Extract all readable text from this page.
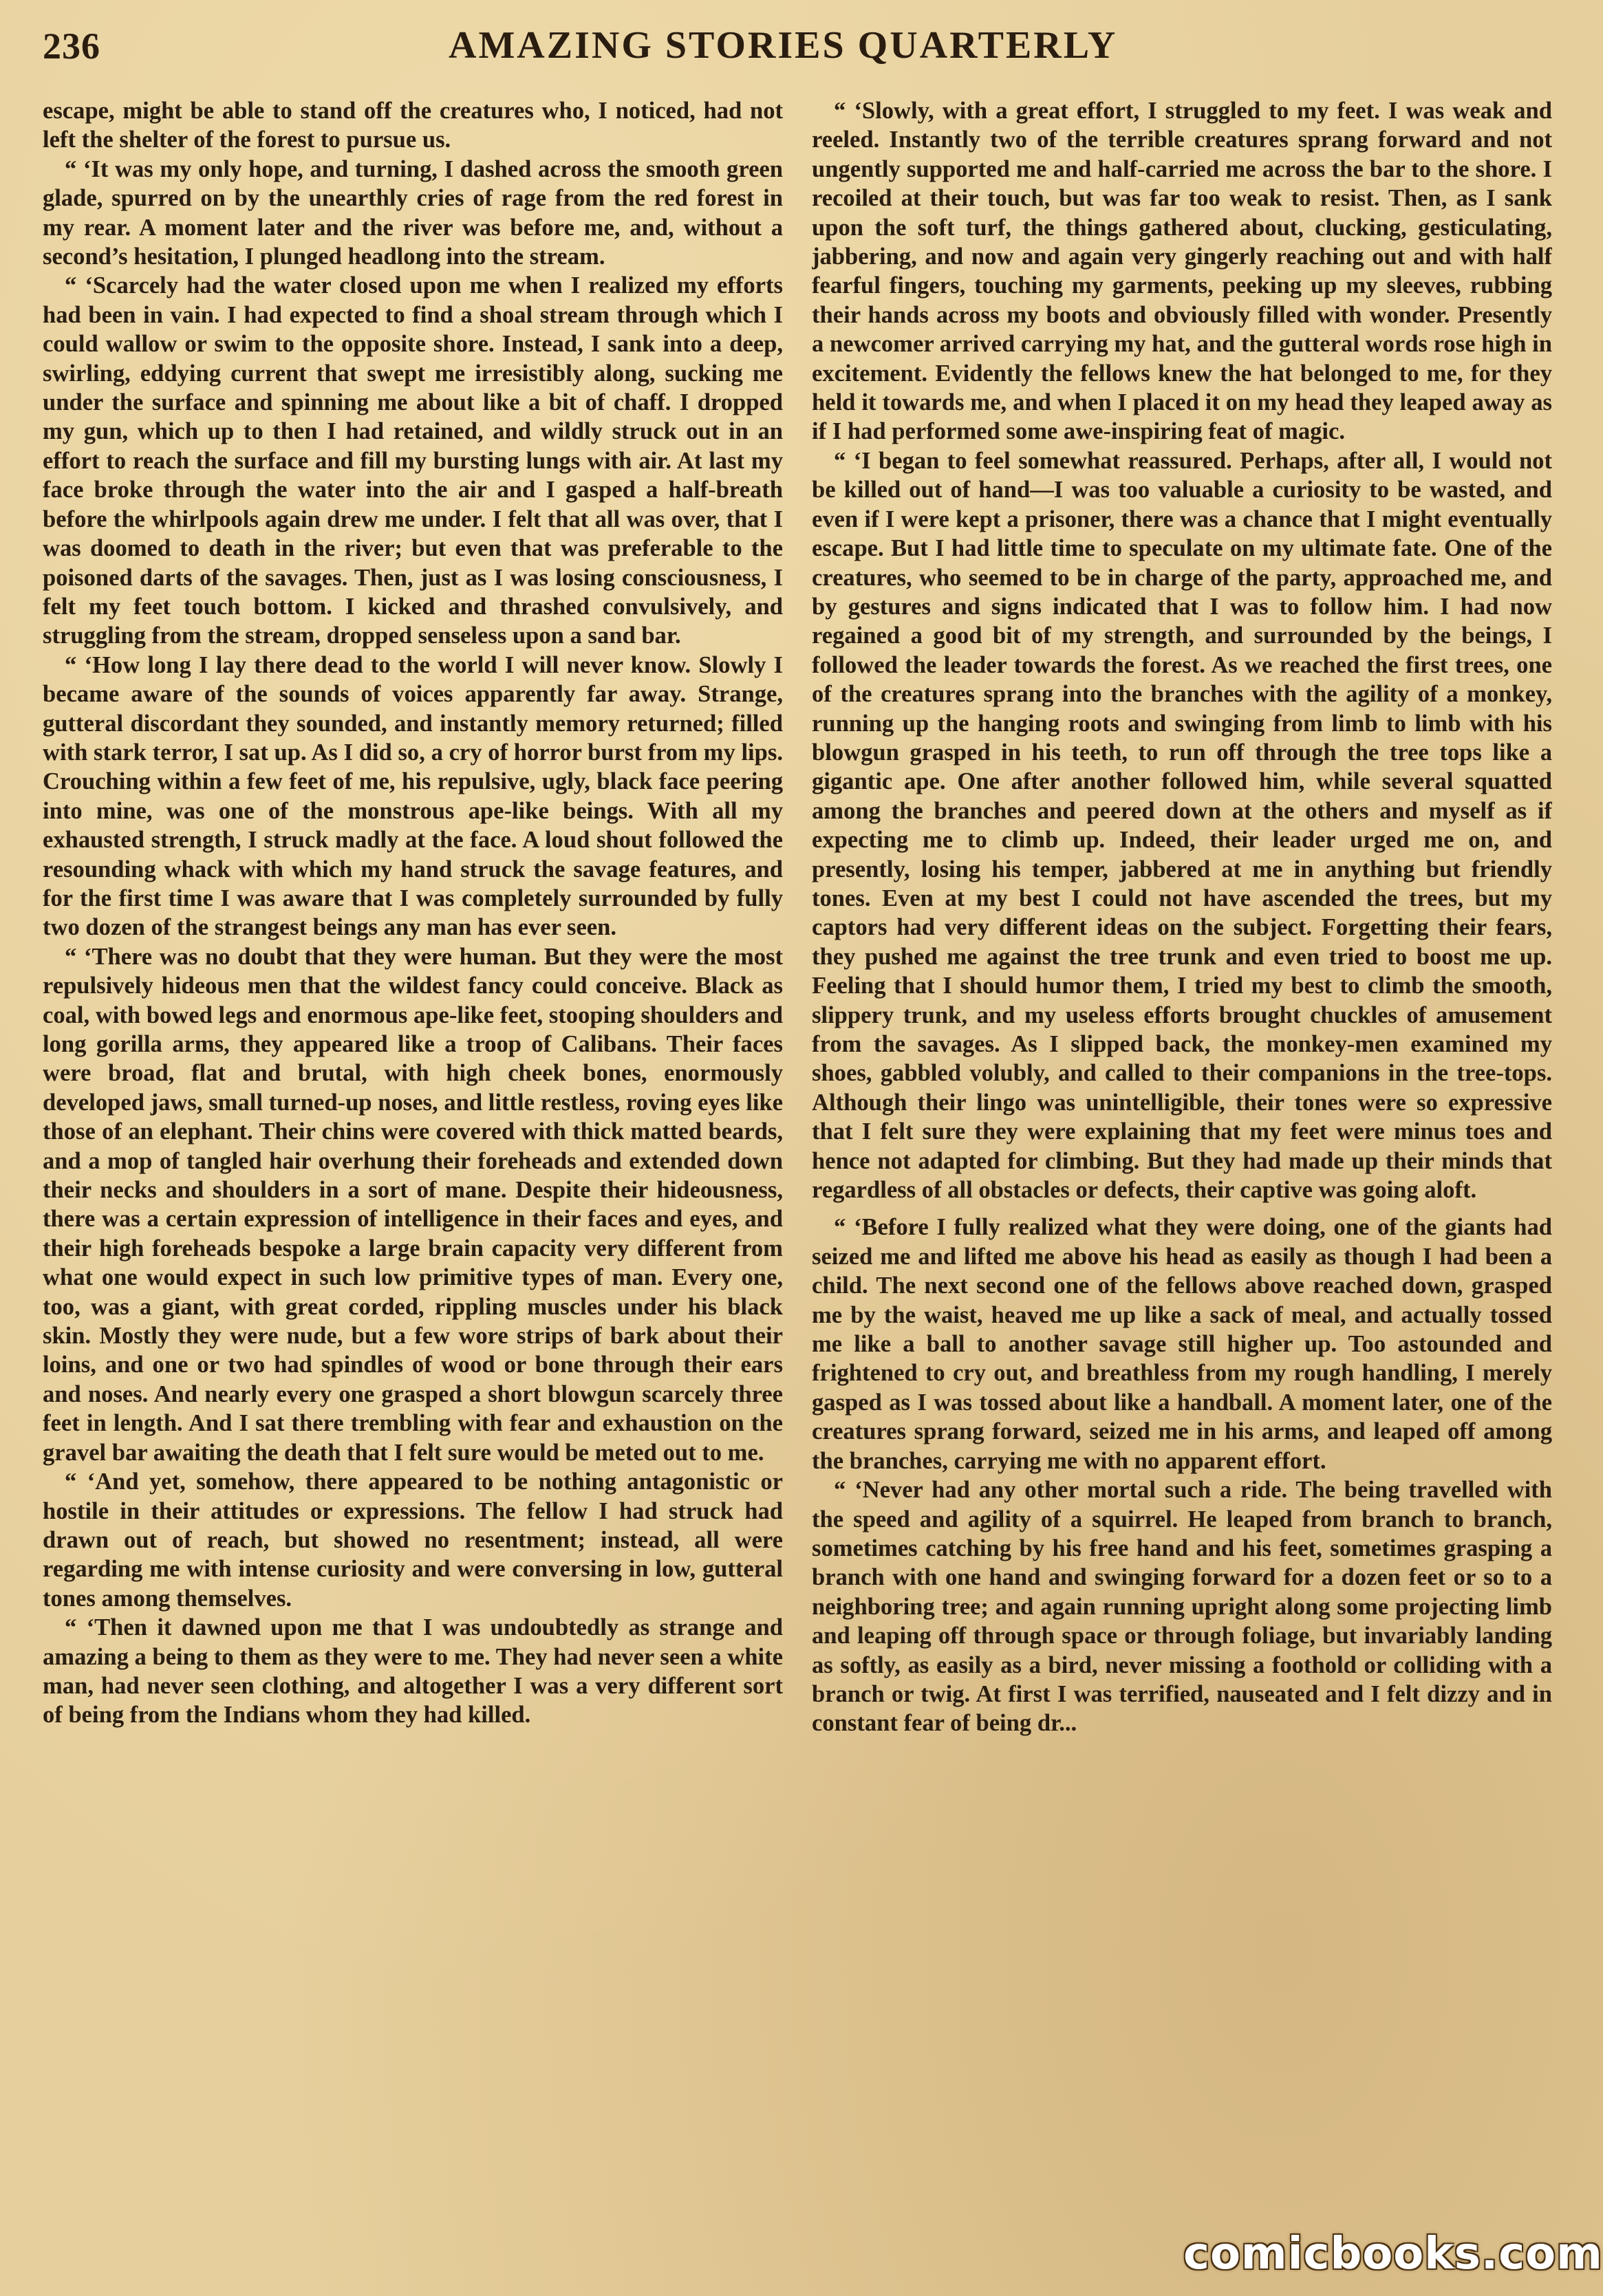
236	AMAZING STORIES QUARTERLY

escape, might be able to stand off the creatures who, I noticed, had not left the shelter of the forest to pursue us.

“ ‘It was my only hope, and turning, I dashed across the smooth green glade, spurred on by the unearthly cries of rage from the red forest in my rear. A moment later and the river was before me, and, without a second’s hesitation, I plunged headlong into the stream.

“ ‘Scarcely had the water closed upon me when I realized my efforts had been in vain. I had expected to find a shoal stream through which I could wallow or swim to the opposite shore. Instead, I sank into a deep, swirling, eddying current that swept me irresistibly along, sucking me under the surface and spinning me about like a bit of chaff. I dropped my gun, which up to then I had retained, and wildly struck out in an effort to reach the surface and fill my bursting lungs with air. At last my face broke through the water into the air and I gasped a half-breath before the whirlpools again drew me under. I felt that all was over, that I was doomed to death in the river; but even that was preferable to the poisoned darts of the savages. Then, just as I was losing consciousness, I felt my feet touch bottom. I kicked and thrashed convulsively, and struggling from the stream, dropped senseless upon a sand bar.

“ ‘How long I lay there dead to the world I will never know. Slowly I became aware of the sounds of voices apparently far away. Strange, gutteral discordant they sounded, and instantly memory returned; filled with stark terror, I sat up. As I did so, a cry of horror burst from my lips. Crouching within a few feet of me, his repulsive, ugly, black face peering into mine, was one of the monstrous ape-like beings. With all my exhausted strength, I struck madly at the face. A loud shout followed the resounding whack with which my hand struck the savage features, and for the first time I was aware that I was completely surrounded by fully two dozen of the strangest beings any man has ever seen.

“ ‘There was no doubt that they were human. But they were the most repulsively hideous men that the wildest fancy could conceive. Black as coal, with bowed legs and enormous ape-like feet, stooping shoulders and long gorilla arms, they appeared like a troop of Calibans. Their faces were broad, flat and brutal, with high cheek bones, enormously developed jaws, small turned-up noses, and little restless, roving eyes like those of an elephant. Their chins were covered with thick matted beards, and a mop of tangled hair overhung their foreheads and extended down their necks and shoulders in a sort of mane. Despite their hideousness, there was a certain expression of intelligence in their faces and eyes, and their high foreheads bespoke a large brain capacity very different from what one would expect in such low primitive types of man. Every one, too, was a giant, with great corded, rippling muscles under his black skin. Mostly they were nude, but a few wore strips of bark about their loins, and one or two had spindles of wood or bone through their ears and noses. And nearly every one grasped a short blowgun scarcely three feet in length. And I sat there trembling with fear and exhaustion on the gravel bar awaiting the death that I felt sure would be meted out to me.

“ ‘And yet, somehow, there appeared to be nothing antagonistic or hostile in their attitudes or expressions. The fellow I had struck had drawn out of reach, but showed no resentment; instead, all were regarding me with intense curiosity and were conversing in low, gutteral tones among themselves.

“ ‘Then it dawned upon me that I was undoubtedly as strange and amazing a being to them as they were to me. They had never seen a white man, had never seen clothing, and altogether I was a very different sort of being from the Indians whom they had killed.

“ ‘Slowly, with a great effort, I struggled to my feet. I was weak and reeled. Instantly two of the terrible creatures sprang forward and not ungently supported me and half-carried me across the bar to the shore. I recoiled at their touch, but was far too weak to resist. Then, as I sank upon the soft turf, the things gathered about, clucking, gesticulating, jabbering, and now and again very gingerly reaching out and with half fearful fingers, touching my garments, peeking up my sleeves, rubbing their hands across my boots and obviously filled with wonder. Presently a newcomer arrived carrying my hat, and the gutteral words rose high in excitement. Evidently the fellows knew the hat belonged to me, for they held it towards me, and when I placed it on my head they leaped away as if I had performed some awe-inspiring feat of magic.

“ ‘I began to feel somewhat reassured. Perhaps, after all, I would not be killed out of hand—I was too valuable a curiosity to be wasted, and even if I were kept a prisoner, there was a chance that I might eventually escape. But I had little time to speculate on my ultimate fate. One of the creatures, who seemed to be in charge of the party, approached me, and by gestures and signs indicated that I was to follow him. I had now regained a good bit of my strength, and surrounded by the beings, I followed the leader towards the forest. As we reached the first trees, one of the creatures sprang into the branches with the agility of a monkey, running up the hanging roots and swinging from limb to limb with his blowgun grasped in his teeth, to run off through the tree tops like a gigantic ape. One after another followed him, while several squatted among the branches and peered down at the others and myself as if expecting me to climb up. Indeed, their leader urged me on, and presently, losing his temper, jabbered at me in anything but friendly tones. Even at my best I could not have ascended the trees, but my captors had very different ideas on the subject. Forgetting their fears, they pushed me against the tree trunk and even tried to boost me up. Feeling that I should humor them, I tried my best to climb the smooth, slippery trunk, and my useless efforts brought chuckles of amusement from the savages. As I slipped back, the monkey-men examined my shoes, gabbled volubly, and called to their companions in the tree-tops. Although their lingo was unintelligible, their tones were so expressive that I felt sure they were explaining that my feet were minus toes and hence not adapted for climbing. But they had made up their minds that regardless of all obstacles or defects, their captive was going aloft.

“ ‘Before I fully realized what they were doing, one of the giants had seized me and lifted me above his head as easily as though I had been a child. The next second one of the fellows above reached down, grasped me by the waist, heaved me up like a sack of meal, and actually tossed me like a ball to another savage still higher up. Too astounded and frightened to cry out, and breathless from my rough handling, I merely gasped as I was tossed about like a handball. A moment later, one of the creatures sprang forward, seized me in his arms, and leaped off among the branches, carrying me with no apparent effort.

“ ‘Never had any other mortal such a ride. The being travelled with the speed and agility of a squirrel. He leaped from branch to branch, sometimes catching by his free hand and his feet, sometimes grasping a branch with one hand and swinging forward for a dozen feet or so to a neighboring tree; and again running upright along some projecting limb and leaping off through space or through foliage, but invariably landing as softly, as easily as a bird, never missing a foothold or colliding with a branch or twig. At first I was terrified, nauseated and I felt dizzy and in constant fear of being dr...

comicbooks.com
